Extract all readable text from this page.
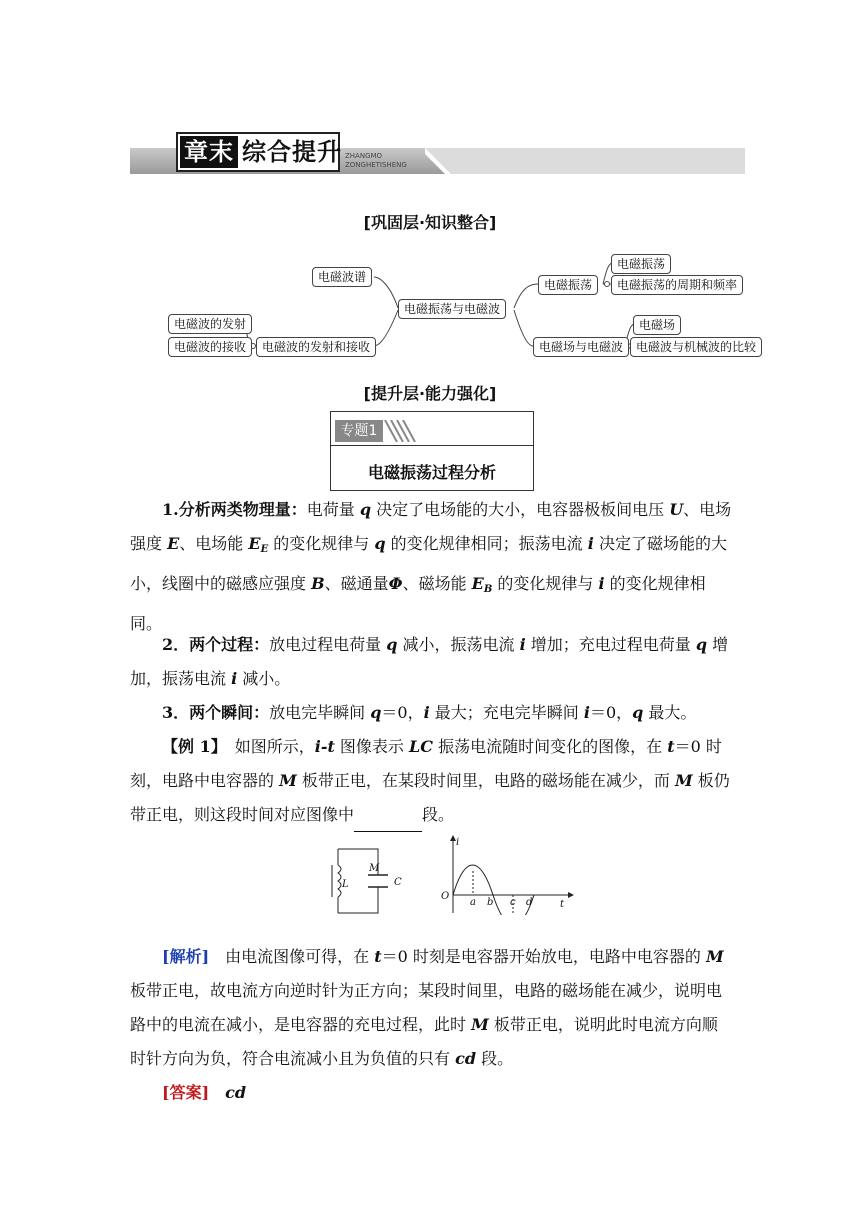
章末 综合提升 ZHANGMO
ZONGHETISHENG
[巩固层·知识整合]
电磁波谱
电磁振荡与电磁波
电磁波的发射和接收
电磁波的发射
电磁波的接收
电磁振荡
电磁振荡
电磁振荡的周期和频率
电磁场与电磁波
电磁场
电磁波与机械波的比较
[提升层·能力强化]
专题1
电磁振荡过程分析
1.分析两类物理量：电荷量 q 决定了电场能的大小，电容器极板间电压 U、电场强度 E、电场能 $E_E$ 的变化规律与 q 的变化规律相同；振荡电流 i 决定了磁场能的大小，线圈中的磁感应强度 B、磁通量Φ、磁场能 $E_B$ 的变化规律与 i 的变化规律相同。
2．两个过程：放电过程电荷量 q 减小，振荡电流 i 增加；充电过程电荷量 q 增加，振荡电流 i 减小。
3．两个瞬间：放电完毕瞬间 q＝0，i 最大；充电完毕瞬间 i＝0，q 最大。
【例 1】　如图所示，i-t 图像表示 LC 振荡电流随时间变化的图像，在 t＝0 时刻，电路中电容器的 M 板带正电，在某段时间里，电路的磁场能在减少，而 M 板仍带正电，则这段时间对应图像中	段。
L
M
C
O
i
t
a b c d
[解析]　由电流图像可得，在 t＝0 时刻是电容器开始放电，电路中电容器的 M 板带正电，故电流方向逆时针为正方向；某段时间里，电路的磁场能在减少，说明电路中的电流在减小，是电容器的充电过程，此时 M 板带正电，说明此时电流方向顺时针方向为负，符合电流减小且为负值的只有 cd 段。
[答案]　 cd
